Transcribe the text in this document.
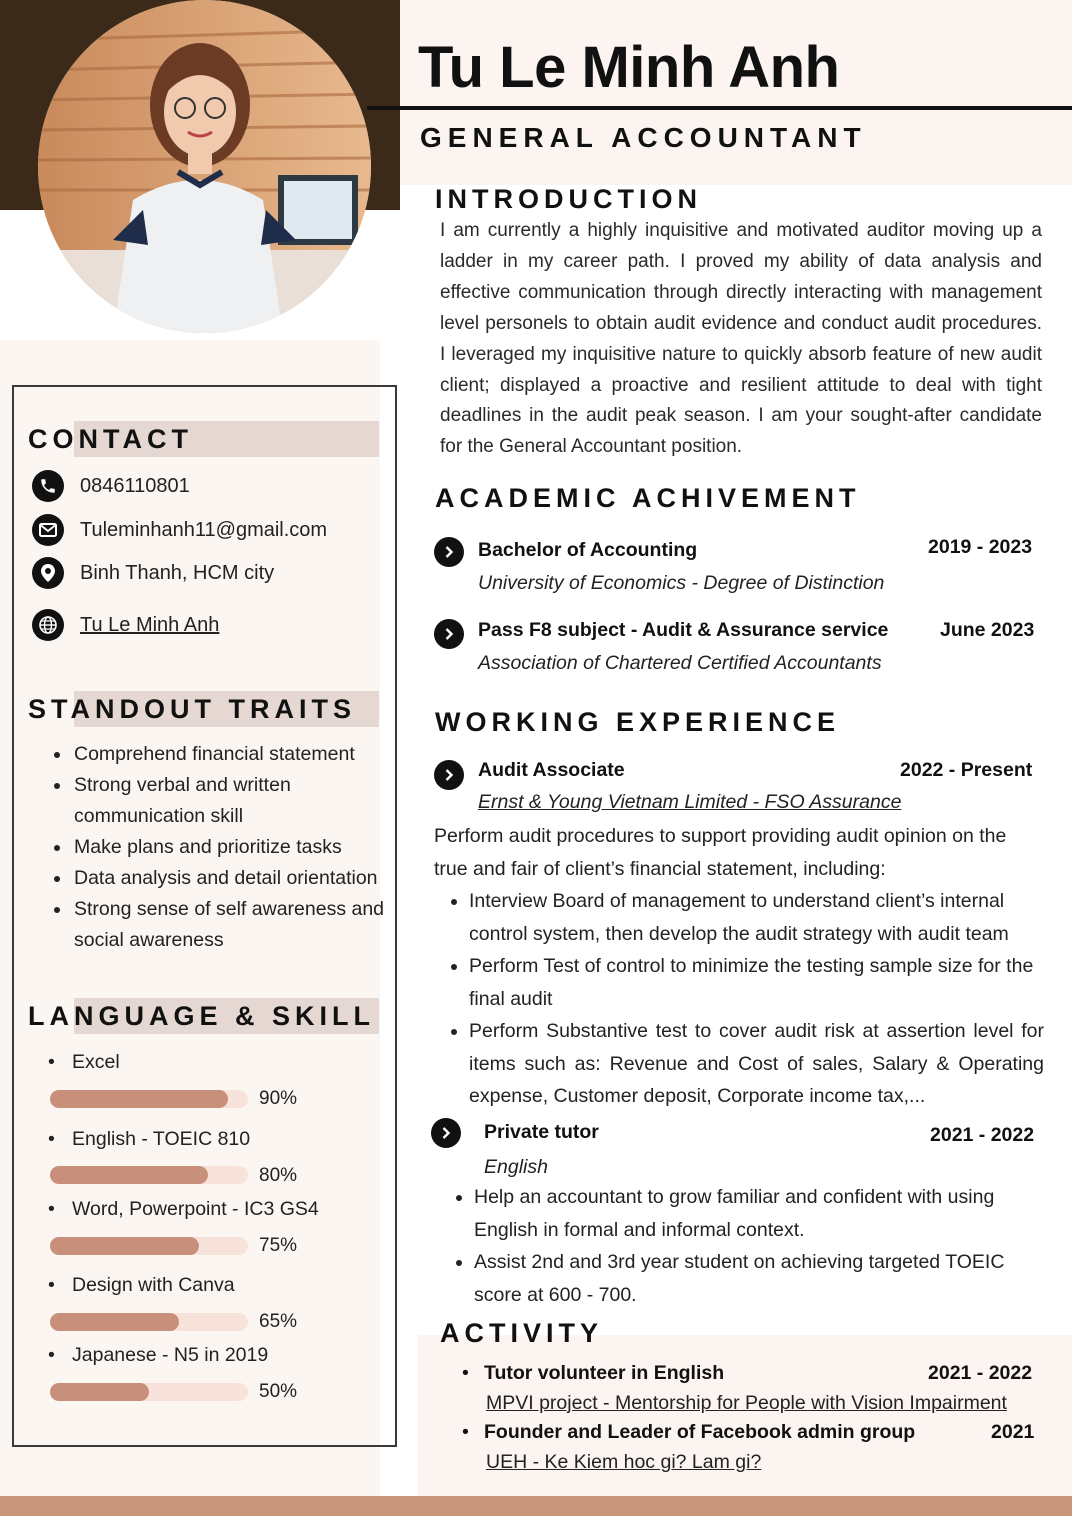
Tu Le Minh Anh
GENERAL ACCOUNTANT
CONTACT
0846110801
Tuleminhanh11@gmail.com
Binh Thanh, HCM city
Tu Le Minh Anh
STANDOUT TRAITS
• Comprehend financial statement
• Strong verbal and written communication skill
• Make plans and prioritize tasks
• Data analysis and detail orientation
• Strong sense of self awareness and social awareness
LANGUAGE & SKILL
• Excel
90%
• English - TOEIC 810
80%
• Word, Powerpoint - IC3 GS4
75%
• Design with Canva
65%
• Japanese - N5 in 2019
50%
INTRODUCTION
I am currently a highly inquisitive and motivated auditor moving up a ladder in my career path. I proved my ability of data analysis and effective communication through directly interacting with management level personels to obtain audit evidence and conduct audit procedures. I leveraged my inquisitive nature to quickly absorb feature of new audit client; displayed a proactive and resilient attitude to deal with tight deadlines in the audit peak season. I am your sought-after candidate for the General Accountant position.
ACADEMIC ACHIVEMENT
Bachelor of Accounting	2019 - 2023
University of Economics - Degree of Distinction
Pass F8 subject - Audit & Assurance service	June 2023
Association of Chartered Certified Accountants
WORKING EXPERIENCE
Audit Associate	2022 - Present
Ernst & Young Vietnam Limited - FSO Assurance
Perform audit procedures to support providing audit opinion on the true and fair of client’s financial statement, including:
• Interview Board of management to understand client’s internal control system, then develop the audit strategy with audit team
• Perform Test of control to minimize the testing sample size for the final audit
• Perform Substantive test to cover audit risk at assertion level for items such as: Revenue and Cost of sales, Salary & Operating expense, Customer deposit, Corporate income tax,...
Private tutor	2021 - 2022
English
• Help an accountant to grow familiar and confident with using English in formal and informal context.
• Assist 2nd and 3rd year student on achieving targeted TOEIC score at 600 - 700.
ACTIVITY
• Tutor volunteer in English	2021 - 2022
MPVI project - Mentorship for People with Vision Impairment
• Founder and Leader of Facebook admin group	2021
UEH - Ke Kiem hoc gi? Lam gi?
